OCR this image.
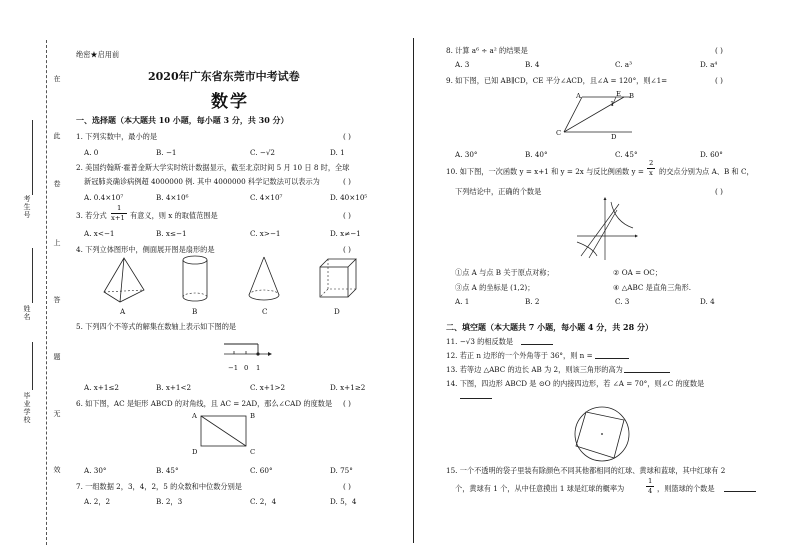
在
此
卷
上
答
题
无
效
考生号
姓名
毕业学校
绝密★启用前
2020年广东省东莞市中考试卷
数学
一、选择题（本大题共 10 小题，每小题 3 分，共 30 分）
1. 下列实数中，最小的是	( )
A. 0	B. −1	C. −√2	D. 1
2. 美国约翰斯·霍普金斯大学实时统计数据显示，截至北京时间 5 月 10 日 8 时，全球
新冠肺炎确诊病例超 4000000 例. 其中 4000000 科学记数法可以表示为	( )
A. 0.4×10⁷	B. 4×10⁶	C. 4×10⁷	D. 40×10⁵
3. 若分式
1
x+1 有意义，则 x 的取值范围是	( )
A. x<−1	B. x≤−1	C. x>−1	D. x≠−1
4. 下列立体图形中，侧面展开图是扇形的是	( )
A	B	C	D
5. 下列四个不等式的解集在数轴上表示如下图的是
−1 0 1
A. x+1≤2	B. x+1<2	C. x+1>2	D. x+1≥2
6. 如下图，AC 是矩形 ABCD 的对角线，且 AC = 2AD，那么∠CAD 的度数是 ( )
A	B
C
D
A. 30°	B. 45°	C. 60°	D. 75°
7. 一组数据 2，3，4，2，5 的众数和中位数分别是	( )
A. 2，2	B. 2，3	C. 2，4	D. 5，4
8. 计算 a⁶ ÷ a² 的结果是	( )
A. 3	B. 4	C. a³	D. a⁴
9. 如下图，已知 AB∥CD，CE 平分∠ACD，且∠A = 120°，则∠1=	( )
A	E B
1
C	D
A. 30°	B. 40°	C. 45°	D. 60°
10. 如下图，一次函数 y = x+1 和 y = 2x 与反比例函数 y =
2
x 的交点分别为点 A、B 和 C，
下列结论中，正确的个数是	( )
①点 A 与点 B 关于原点对称；	② OA = OC；
③点 A 的坐标是 (1,2)；	④ △ABC 是直角三角形.
A. 1	B. 2	C. 3	D. 4
二、填空题（本大题共 7 小题，每小题 4 分，共 28 分）
11. −√3 的相反数是
12. 若正 n 边形的一个外角等于 36°，则 n =
13. 若等边 △ABC 的边长 AB 为 2，则该三角形的高为
14. 下图，四边形 ABCD 是 ⊙O 的内接四边形，若 ∠A = 70°，则∠C 的度数是
15. 一个不透明的袋子里装有除颜色不同其他都相同的红球、黄球和蓝球，其中红球有 2
个，黄球有 1 个，从中任意摸出 1 球是红球的概率为
1
4 ，则篮球的个数是
